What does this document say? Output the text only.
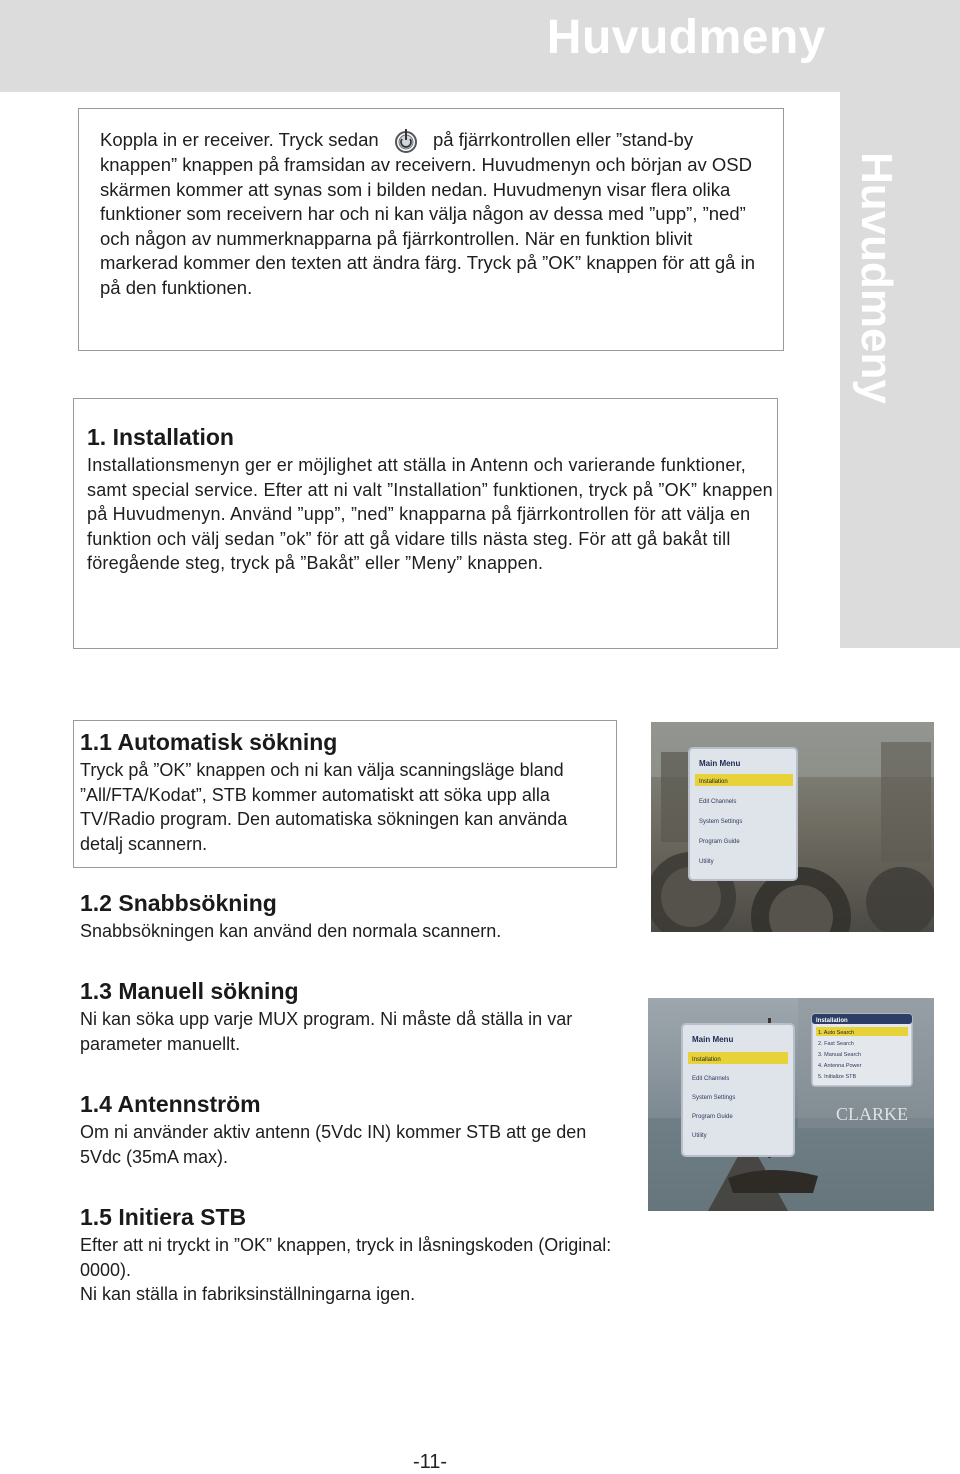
Huvudmeny
Huvudmeny
Koppla in er receiver. Tryck sedan	på fjärrkontrollen eller ”stand-by knappen” knappen på framsidan av receivern. Huvudmenyn och början av OSD skärmen kommer att synas som i bilden nedan. Huvudmenyn visar flera olika funktioner som receivern har och ni kan välja någon av dessa med ”upp”, ”ned” och någon av nummerknapparna på fjärrkontrollen. När en funktion blivit markerad kommer den texten att ändra färg. Tryck på ”OK” knappen för att gå in på den funktionen.

1. Installation

Installationsmenyn ger er möjlighet att ställa in Antenn och varierande funktioner, samt special service. Efter att ni valt ”Installation” funktionen, tryck på ”OK” knappen på Huvudmenyn. Använd ”upp”, ”ned” knapparna på fjärrkontrollen för att välja en funktion och välj sedan ”ok” för att gå vidare tills nästa steg. För att gå bakåt till föregående steg, tryck på ”Bakåt” eller ”Meny” knappen.

1.1 Automatisk sökning

Tryck på ”OK” knappen och ni kan välja scanningsläge bland ”All/FTA/Kodat”, STB kommer automatiskt att söka upp alla TV/Radio program. Den automatiska sökningen kan använda detalj scannern.

1.2 Snabbsökning

Snabbsökningen kan använd den normala scannern.

1.3 Manuell sökning

Ni kan söka upp varje MUX program. Ni måste då ställa in var parameter manuellt.

1.4 Antennström

Om ni använder aktiv antenn (5Vdc IN) kommer STB att ge den 5Vdc (35mA max).

1.5 Initiera STB

Efter att ni tryckt in ”OK” knappen, tryck in låsningskoden (Original: 0000).

Ni kan ställa in fabriksinställningarna igen.

Main Menu
Installation
Edit Channels
System Settings
Program Guide
Utility
Main Menu
Installation
Edit Channels
System Settings
Program Guide
Utility
Installation
1. Auto Search
2. Fast Search
3. Manual Search
4. Antenna Power
5. Initialize STB
CLARKE
-11-
